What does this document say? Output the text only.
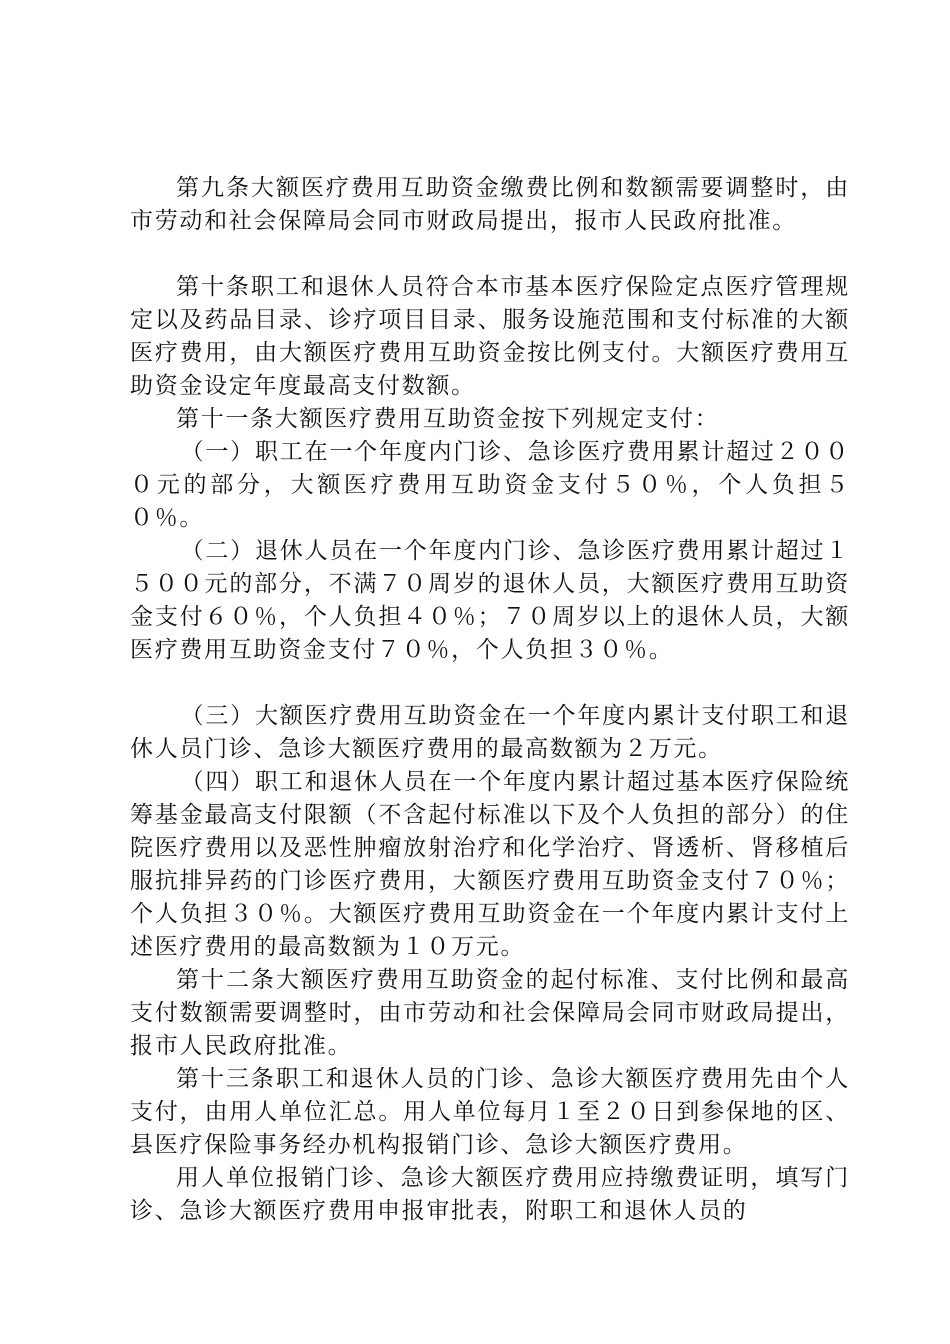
第九条大额医疗费用互助资金缴费比例和数额需要调整时，由市劳动和社会保障局会同市财政局提出，报市人民政府批准。

第十条职工和退休人员符合本市基本医疗保险定点医疗管理规定以及药品目录、诊疗项目目录、服务设施范围和支付标准的大额医疗费用，由大额医疗费用互助资金按比例支付。大额医疗费用互助资金设定年度最高支付数额。

第十一条大额医疗费用互助资金按下列规定支付：

（一）职工在一个年度内门诊、急诊医疗费用累计超过２０００元的部分，大额医疗费用互助资金支付５０％，个人负担５０％。

（二）退休人员在一个年度内门诊、急诊医疗费用累计超过１５００元的部分，不满７０周岁的退休人员，大额医疗费用互助资金支付６０％，个人负担４０％；７０周岁以上的退休人员，大额医疗费用互助资金支付７０％，个人负担３０％。

（三）大额医疗费用互助资金在一个年度内累计支付职工和退休人员门诊、急诊大额医疗费用的最高数额为２万元。

（四）职工和退休人员在一个年度内累计超过基本医疗保险统筹基金最高支付限额（不含起付标准以下及个人负担的部分）的住院医疗费用以及恶性肿瘤放射治疗和化学治疗、肾透析、肾移植后服抗排异药的门诊医疗费用，大额医疗费用互助资金支付７０％；个人负担３０％。大额医疗费用互助资金在一个年度内累计支付上述医疗费用的最高数额为１０万元。

第十二条大额医疗费用互助资金的起付标准、支付比例和最高支付数额需要调整时，由市劳动和社会保障局会同市财政局提出，报市人民政府批准。

第十三条职工和退休人员的门诊、急诊大额医疗费用先由个人支付，由用人单位汇总。用人单位每月１至２０日到参保地的区、县医疗保险事务经办机构报销门诊、急诊大额医疗费用。

用人单位报销门诊、急诊大额医疗费用应持缴费证明，填写门诊、急诊大额医疗费用申报审批表，附职工和退休人员的
